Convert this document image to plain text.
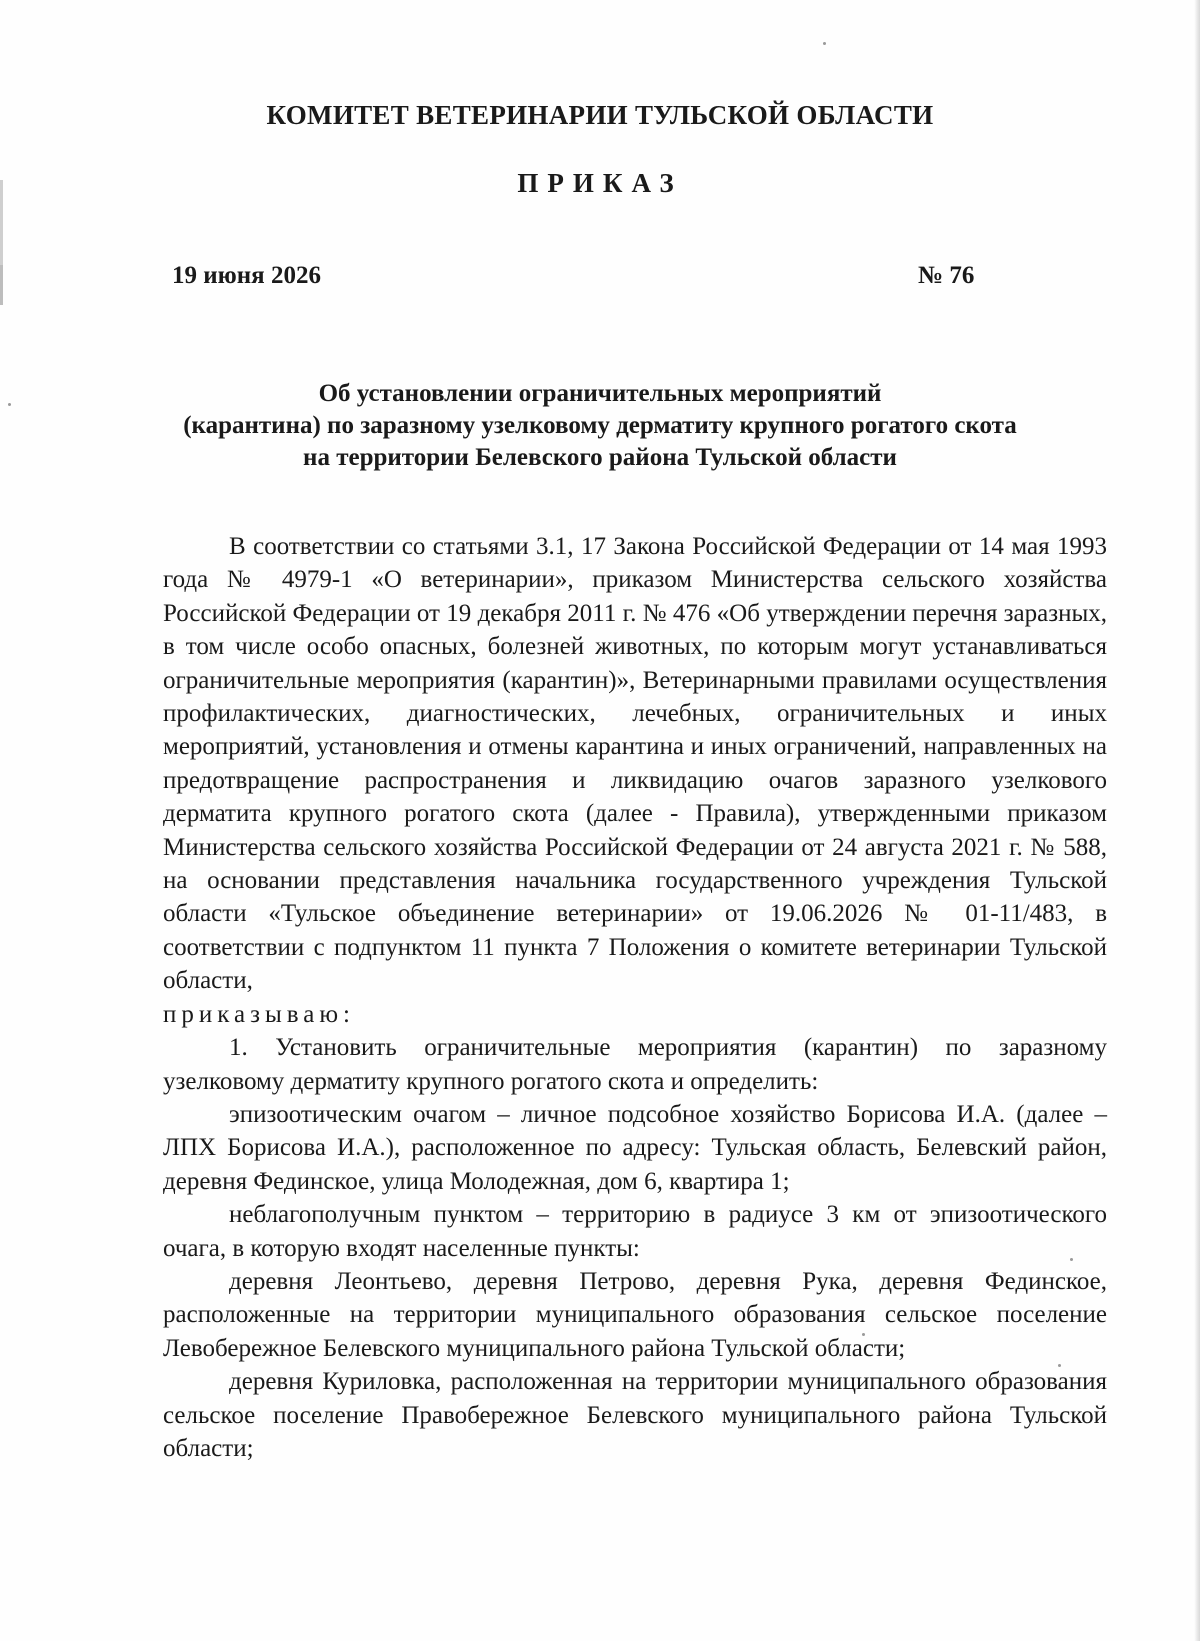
КОМИТЕТ ВЕТЕРИНАРИИ ТУЛЬСКОЙ ОБЛАСТИ
ПРИКАЗ
19 июня 2026	№ 76
Об установлении ограничительных мероприятий
(карантина) по заразному узелковому дерматиту крупного рогатого скота
на территории Белевского района Тульской области

В соответствии со статьями 3.1, 17 Закона Российской Федерации от 14 мая 1993 года № 4979-1 «О ветеринарии», приказом Министерства сельского хозяйства Российской Федерации от 19 декабря 2011 г. № 476 «Об утверждении перечня заразных, в том числе особо опасных, болезней животных, по которым могут устанавливаться ограничительные мероприятия (карантин)», Ветеринарными правилами осуществления профилактических, диагностических, лечебных, ограничительных и иных мероприятий, установления и отмены карантина и иных ограничений, направленных на предотвращение распространения и ликвидацию очагов заразного узелкового дерматита крупного рогатого скота (далее - Правила), утвержденными приказом Министерства сельского хозяйства Российской Федерации от 24 августа 2021 г. № 588, на основании представления начальника государственного учреждения Тульской области «Тульское объединение ветеринарии» от 19.06.2026 № 01-11/483, в соответствии с подпунктом 11 пункта 7 Положения о комитете ветеринарии Тульской области,

приказываю:

1. Установить ограничительные мероприятия (карантин) по заразному узелковому дерматиту крупного рогатого скота и определить:

эпизоотическим очагом – личное подсобное хозяйство Борисова И.А. (далее – ЛПХ Борисова И.А.), расположенное по адресу: Тульская область, Белевский район, деревня Фединское, улица Молодежная, дом 6, квартира 1;

неблагополучным пунктом – территорию в радиусе 3 км от эпизоотического очага, в которую входят населенные пункты:

деревня Леонтьево, деревня Петрово, деревня Рука, деревня Фединское, расположенные на территории муниципального образования сельское поселение Левобережное Белевского муниципального района Тульской области;

деревня Куриловка, расположенная на территории муниципального образования сельское поселение Правобережное Белевского муниципального района Тульской области;
